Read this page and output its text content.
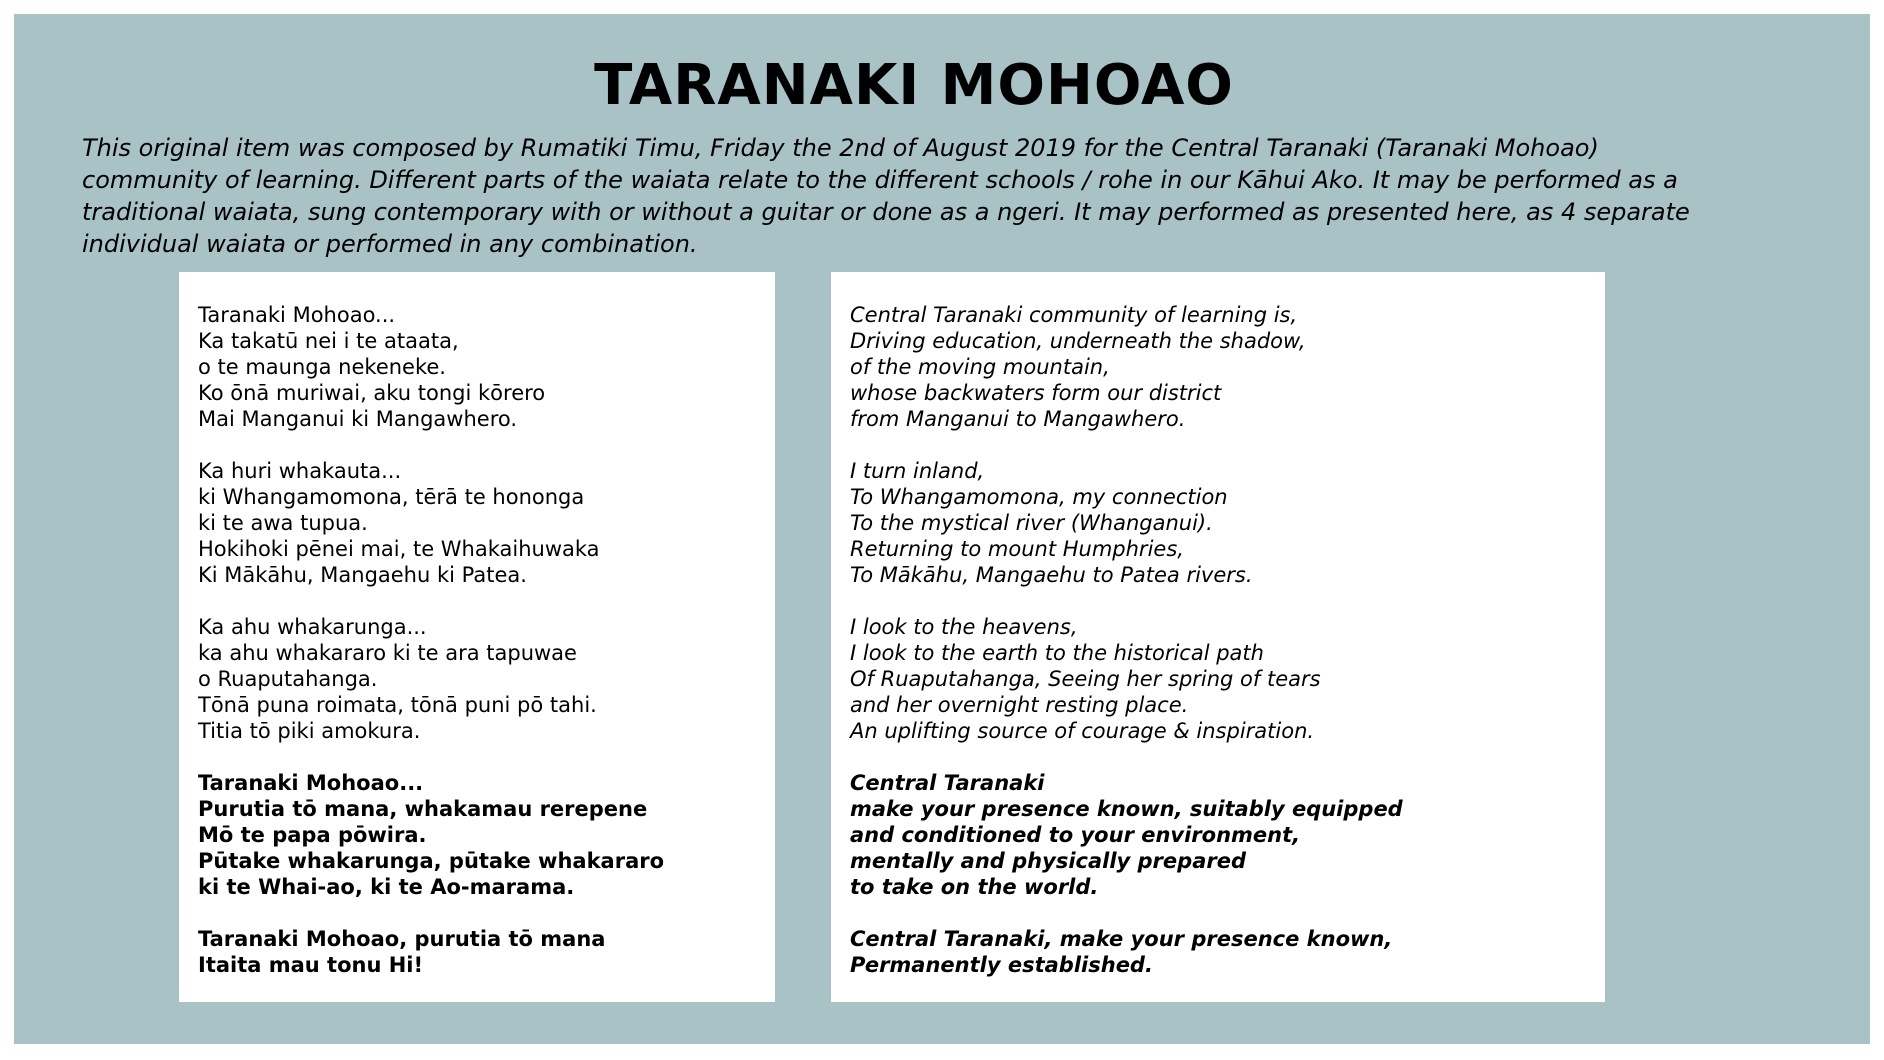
TARANAKI MOHOAO

This original item was composed by Rumatiki Timu, Friday the 2nd of August 2019 for the Central Taranaki (Taranaki Mohoao) community of learning. Different parts of the waiata relate to the different schools / rohe in our Kāhui Ako. It may be performed as a traditional waiata, sung contemporary with or without a guitar or done as a ngeri. It may performed as presented here, as 4 separate individual waiata or performed in any combination.

Taranaki Mohoao...
Ka takatū nei i te ataata,
o te maunga nekeneke.
Ko ōnā muriwai, aku tongi kōrero
Mai Manganui ki Mangawhero.
Ka huri whakauta...
ki Whangamomona, tērā te hononga
ki te awa tupua.
Hokihoki pēnei mai, te Whakaihuwaka
Ki Mākāhu, Mangaehu ki Patea.
Ka ahu whakarunga...
ka ahu whakararo ki te ara tapuwae
o Ruaputahanga.
Tōnā puna roimata, tōnā puni pō tahi.
Titia tō piki amokura.
Taranaki Mohoao...
Purutia tō mana, whakamau rerepene
Mō te papa pōwira.
Pūtake whakarunga, pūtake whakararo
ki te Whai-ao, ki te Ao-marama.
Taranaki Mohoao, purutia tō mana
Itaita mau tonu Hi!
Central Taranaki community of learning is,
Driving education, underneath the shadow,
of the moving mountain,
whose backwaters form our district
from Manganui to Mangawhero.
I turn inland,
To Whangamomona, my connection
To the mystical river (Whanganui).
Returning to mount Humphries,
To Mākāhu, Mangaehu to Patea rivers.
I look to the heavens,
I look to the earth to the historical path
Of Ruaputahanga, Seeing her spring of tears
and her overnight resting place.
An uplifting source of courage & inspiration.
Central Taranaki
make your presence known, suitably equipped
and conditioned to your environment,
mentally and physically prepared
to take on the world.
Central Taranaki, make your presence known,
Permanently established.
